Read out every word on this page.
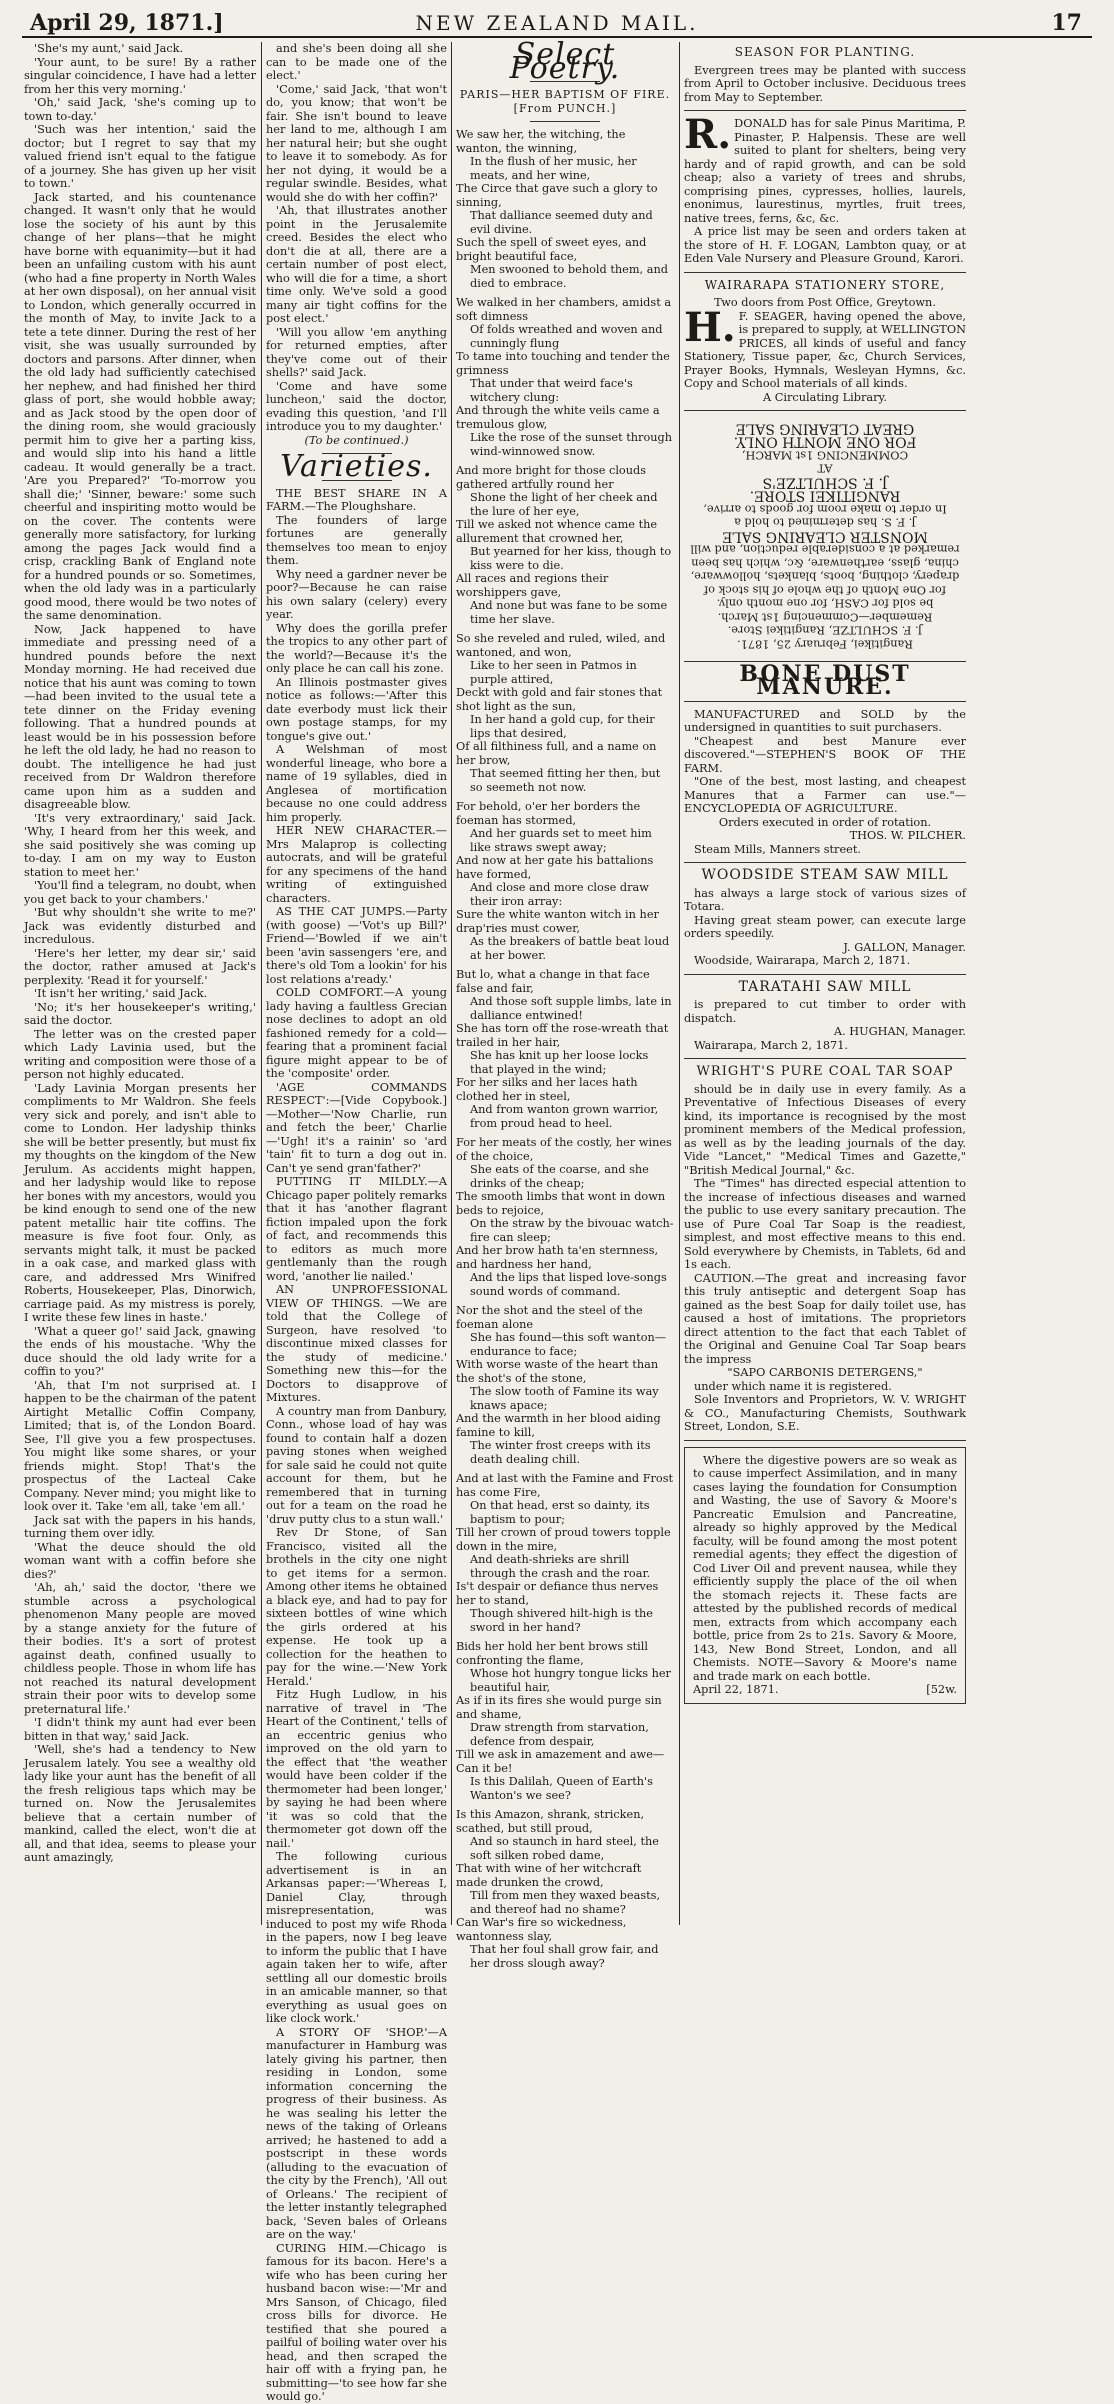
April 29, 1871.]	NEW ZEALAND MAIL.	17

'She's my aunt,' said Jack.

'Your aunt, to be sure! By a rather singular coincidence, I have had a letter from her this very morning.'

'Oh,' said Jack, 'she's coming up to town to-day.'

'Such was her intention,' said the doctor; but I regret to say that my valued friend isn't equal to the fatigue of a journey. She has given up her visit to town.'

Jack started, and his countenance changed. It wasn't only that he would lose the society of his aunt by this change of her plans—that he might have borne with equanimity—but it had been an unfailing custom with his aunt (who had a fine property in North Wales at her own disposal), on her annual visit to London, which generally occurred in the month of May, to invite Jack to a tete a tete dinner. During the rest of her visit, she was usually surrounded by doctors and parsons. After dinner, when the old lady had sufficiently catechised her nephew, and had finished her third glass of port, she would hobble away; and as Jack stood by the open door of the dining room, she would graciously permit him to give her a parting kiss, and would slip into his hand a little cadeau. It would generally be a tract. 'Are you Prepared?' 'To-morrow you shall die;' 'Sinner, beware:' some such cheerful and inspiriting motto would be on the cover. The contents were generally more satisfactory, for lurking among the pages Jack would find a crisp, crackling Bank of England note for a hundred pounds or so. Sometimes, when the old lady was in a particularly good mood, there would be two notes of the same denomination.

Now, Jack happened to have immediate and pressing need of a hundred pounds before the next Monday morning. He had received due notice that his aunt was coming to town—had been invited to the usual tete a tete dinner on the Friday evening following. That a hundred pounds at least would be in his possession before he left the old lady, he had no reason to doubt. The intelligence he had just received from Dr Waldron therefore came upon him as a sudden and disagreeable blow.

'It's very extraordinary,' said Jack. 'Why, I heard from her this week, and she said positively she was coming up to-day. I am on my way to Euston station to meet her.'

'You'll find a telegram, no doubt, when you get back to your chambers.'

'But why shouldn't she write to me?' Jack was evidently disturbed and incredulous.

'Here's her letter, my dear sir,' said the doctor, rather amused at Jack's perplexity. 'Read it for yourself.'

'It isn't her writing,' said Jack.

'No; it's her housekeeper's writing,' said the doctor.

The letter was on the crested paper which Lady Lavinia used, but the writing and composition were those of a person not highly educated.

'Lady Lavinia Morgan presents her compliments to Mr Waldron. She feels very sick and porely, and isn't able to come to London. Her ladyship thinks she will be better presently, but must fix my thoughts on the kingdom of the New Jerulum. As accidents might happen, and her ladyship would like to repose her bones with my ancestors, would you be kind enough to send one of the new patent metallic hair tite coffins. The measure is five foot four. Only, as servants might talk, it must be packed in a oak case, and marked glass with care, and addressed Mrs Winifred Roberts, Housekeeper, Plas, Dinorwich, carriage paid. As my mistress is porely, I write these few lines in haste.'

'What a queer go!' said Jack, gnawing the ends of his moustache. 'Why the duce should the old lady write for a coffin to you?'

'Ah, that I'm not surprised at. I happen to be the chairman of the patent Airtight Metallic Coffin Company, Limited; that is, of the London Board. See, I'll give you a few prospectuses. You might like some shares, or your friends might. Stop! That's the prospectus of the Lacteal Cake Company. Never mind; you might like to look over it. Take 'em all, take 'em all.'

Jack sat with the papers in his hands, turning them over idly.

'What the deuce should the old woman want with a coffin before she dies?'

'Ah, ah,' said the doctor, 'there we stumble across a psychological phenomenon Many people are moved by a stange anxiety for the future of their bodies. It's a sort of protest against death, confined usually to childless people. Those in whom life has not reached its natural development strain their poor wits to develop some preternatural life.'

'I didn't think my aunt had ever been bitten in that way,' said Jack.

'Well, she's had a tendency to New Jerusalem lately. You see a wealthy old lady like your aunt has the benefit of all the fresh religious taps which may be turned on. Now the Jerusalemites believe that a certain number of mankind, called the elect, won't die at all, and that idea, seems to please your aunt amazingly,

and she's been doing all she can to be made one of the elect.'

'Come,' said Jack, 'that won't do, you know; that won't be fair. She isn't bound to leave her land to me, although I am her natural heir; but she ought to leave it to somebody. As for her not dying, it would be a regular swindle. Besides, what would she do with her coffin?'

'Ah, that illustrates another point in the Jerusalemite creed. Besides the elect who don't die at all, there are a certain number of post elect, who will die for a time, a short time only. We've sold a good many air tight coffins for the post elect.'

'Will you allow 'em anything for returned empties, after they've come out of their shells?' said Jack.

'Come and have some luncheon,' said the doctor, evading this question, 'and I'll introduce you to my daughter.'

(To be continued.)

Varieties.

THE BEST SHARE IN A FARM.—The Ploughshare.

The founders of large fortunes are generally themselves too mean to enjoy them.

Why need a gardner never be poor?—Because he can raise his own salary (celery) every year.

Why does the gorilla prefer the tropics to any other part of the world?—Because it's the only place he can call his zone.

An Illinois postmaster gives notice as follows:—'After this date everbody must lick their own postage stamps, for my tongue's give out.'

A Welshman of most wonderful lineage, who bore a name of 19 syllables, died in Anglesea of mortification because no one could address him properly.

HER NEW CHARACTER.—Mrs Malaprop is collecting autocrats, and will be grateful for any specimens of the hand writing of extinguished characters.

AS THE CAT JUMPS.—Party (with goose) —'Vot's up Bill?' Friend—'Bowled if we ain't been 'avin sassengers 'ere, and there's old Tom a lookin' for his lost relations a'ready.'

COLD COMFORT.—A young lady having a faultless Grecian nose declines to adopt an old fashioned remedy for a cold—fearing that a prominent facial figure might appear to be of the 'composite' order.

'AGE COMMANDS RESPECT':—[Vide Copybook.] —Mother—'Now Charlie, run and fetch the beer,' Charlie—'Ugh! it's a rainin' so 'ard 'tain' fit to turn a dog out in. Can't ye send gran'father?'

PUTTING IT MILDLY.—A Chicago paper politely remarks that it has 'another flagrant fiction impaled upon the fork of fact, and recommends this to editors as much more gentlemanly than the rough word, 'another lie nailed.'

AN UNPROFESSIONAL VIEW OF THINGS. —We are told that the College of Surgeon, have resolved 'to discontinue mixed classes for the study of medicine.' Something new this—for the Doctors to disapprove of Mixtures.

A country man from Danbury, Conn., whose load of hay was found to contain half a dozen paving stones when weighed for sale said he could not quite account for them, but he remembered that in turning out for a team on the road he 'druv putty clus to a stun wall.'

Rev Dr Stone, of San Francisco, visited all the brothels in the city one night to get items for a sermon. Among other items he obtained a black eye, and had to pay for sixteen bottles of wine which the girls ordered at his expense. He took up a collection for the heathen to pay for the wine.—'New York Herald.'

Fitz Hugh Ludlow, in his narrative of travel in 'The Heart of the Continent,' tells of an eccentric genius who improved on the old yarn to the effect that 'the weather would have been colder if the thermometer had been longer,' by saying he had been where 'it was so cold that the thermometer got down off the nail.'

The following curious advertisement is in an Arkansas paper:—'Whereas I, Daniel Clay, through misrepresentation, was induced to post my wife Rhoda in the papers, now I beg leave to inform the public that I have again taken her to wife, after settling all our domestic broils in an amicable manner, so that everything as usual goes on like clock work.'

A STORY OF 'SHOP.'—A manufacturer in Hamburg was lately giving his partner, then residing in London, some information concerning the progress of their business. As he was sealing his letter the news of the taking of Orleans arrived; he hastened to add a postscript in these words (alluding to the evacuation of the city by the French), 'All out of Orleans.' The recipient of the letter instantly telegraphed back, 'Seven bales of Orleans are on the way.'

CURING HIM.—Chicago is famous for its bacon. Here's a wife who has been curing her husband bacon wise:—'Mr and Mrs Sanson, of Chicago, filed cross bills for divorce. He testified that she poured a pailful of boiling water over his head, and then scraped the hair off with a frying pan, he submitting—'to see how far she would go.'

Select Poetry.
PARIS—HER BAPTISM OF FIRE.
[From PUNCH.]

We saw her, the witching, the wanton, the winning,

In the flush of her music, her meats, and her wine,

The Circe that gave such a glory to sinning,

That dalliance seemed duty and evil divine.

Such the spell of sweet eyes, and bright beautiful face,

Men swooned to behold them, and died to embrace.

We walked in her chambers, amidst a soft dimness

Of folds wreathed and woven and cunningly flung

To tame into touching and tender the grimness

That under that weird face's witchery clung:

And through the white veils came a tremulous glow,

Like the rose of the sunset through wind-winnowed snow.

And more bright for those clouds gathered artfully round her

Shone the light of her cheek and the lure of her eye,

Till we asked not whence came the allurement that crowned her,

But yearned for her kiss, though to kiss were to die.

All races and regions their worshippers gave,

And none but was fane to be some time her slave.

So she reveled and ruled, wiled, and wantoned, and won,

Like to her seen in Patmos in purple attired,

Deckt with gold and fair stones that shot light as the sun,

In her hand a gold cup, for their lips that desired,

Of all filthiness full, and a name on her brow,

That seemed fitting her then, but so seemeth not now.

For behold, o'er her borders the foeman has stormed,

And her guards set to meet him like straws swept away;

And now at her gate his battalions have formed,

And close and more close draw their iron array:

Sure the white wanton witch in her drap'ries must cower,

As the breakers of battle beat loud at her bower.

But lo, what a change in that face false and fair,

And those soft supple limbs, late in dalliance entwined!

She has torn off the rose-wreath that trailed in her hair,

She has knit up her loose locks that played in the wind;

For her silks and her laces hath clothed her in steel,

And from wanton grown warrior, from proud head to heel.

For her meats of the costly, her wines of the choice,

She eats of the coarse, and she drinks of the cheap;

The smooth limbs that wont in down beds to rejoice,

On the straw by the bivouac watch-fire can sleep;

And her brow hath ta'en sternness, and hardness her hand,

And the lips that lisped love-songs sound words of command.

Nor the shot and the steel of the foeman alone

She has found—this soft wanton—endurance to face;

With worse waste of the heart than the shot's of the stone,

The slow tooth of Famine its way knaws apace;

And the warmth in her blood aiding famine to kill,

The winter frost creeps with its death dealing chill.

And at last with the Famine and Frost has come Fire,

On that head, erst so dainty, its baptism to pour;

Till her crown of proud towers topple down in the mire,

And death-shrieks are shrill through the crash and the roar.

Is't despair or defiance thus nerves her to stand,

Though shivered hilt-high is the sword in her hand?

Bids her hold her bent brows still confronting the flame,

Whose hot hungry tongue licks her beautiful hair,

As if in its fires she would purge sin and shame,

Draw strength from starvation, defence from despair,

Till we ask in amazement and awe—Can it be!

Is this Dalilah, Queen of Earth's Wanton's we see?

Is this Amazon, shrank, stricken, scathed, but still proud,

And so staunch in hard steel, the soft silken robed dame,

That with wine of her witchcraft made drunken the crowd,

Till from men they waxed beasts, and thereof had no shame?

Can War's fire so wickedness, wantonness slay,

That her foul shall grow fair, and her dross slough away?

SEASON FOR PLANTING.

Evergreen trees may be planted with success from April to October inclusive. Deciduous trees from May to September.

R. DONALD has for sale Pinus Maritima, P. Pinaster, P. Halpensis. These are well suited to plant for shelters, being very hardy and of rapid growth, and can be sold cheap; also a variety of trees and shrubs, comprising pines, cypresses, hollies, laurels, enonimus, laurestinus, myrtles, fruit trees, native trees, ferns, &c, &c.

A price list may be seen and orders taken at the store of H. F. LOGAN, Lambton quay, or at Eden Vale Nursery and Pleasure Ground, Karori.

WAIRARAPA STATIONERY STORE,

Two doors from Post Office, Greytown.

H. F. SEAGER, having opened the above, is prepared to supply, at WELLINGTON PRICES, all kinds of useful and fancy Stationery, Tissue paper, &c, Church Services, Prayer Books, Hymnals, Wesleyan Hymns, &c. Copy and School materials of all kinds.

A Circulating Library.

Rangitikei, February 25, 1871.

J. F. SCHULTZE, Rangitikei Store.

Remember—Commencing 1st March.

be sold for CASH, for one month only.

for One Month of the whole of his stock of drapery, clothing, boots, blankets, hollowware, china, glass, earthenware, &c, which has been remarked at a considerable reduction, and will

MONSTER CLEARING SALE

J. F. S. has determined to hold a

In order to make room for goods to arrive,

RANGITIKEI STORE.

J. F. SCHULTZE'S

AT

COMMENCING 1st MARCH,

FOR ONE MONTH ONLY.

GREAT CLEARING SALE

BONE DUST MANURE.

MANUFACTURED and SOLD by the undersigned in quantities to suit purchasers.

"Cheapest and best Manure ever discovered."—STEPHEN'S BOOK OF THE FARM.

"One of the best, most lasting, and cheapest Manures that a Farmer can use."—ENCYCLOPEDIA OF AGRICULTURE.

Orders executed in order of rotation.

THOS. W. PILCHER.

Steam Mills, Manners street.

WOODSIDE STEAM SAW MILL

has always a large stock of various sizes of Totara.

Having great steam power, can execute large orders speedily.

J. GALLON, Manager.

Woodside, Wairarapa, March 2, 1871.

TARATAHI SAW MILL

is prepared to cut timber to order with dispatch.

A. HUGHAN, Manager.

Wairarapa, March 2, 1871.

WRIGHT'S PURE COAL TAR SOAP

should be in daily use in every family. As a Preventative of Infectious Diseases of every kind, its importance is recognised by the most prominent members of the Medical profession, as well as by the leading journals of the day. Vide "Lancet," "Medical Times and Gazette," "British Medical Journal," &c.

The "Times" has directed especial attention to the increase of infectious diseases and warned the public to use every sanitary precaution. The use of Pure Coal Tar Soap is the readiest, simplest, and most effective means to this end. Sold everywhere by Chemists, in Tablets, 6d and 1s each.

CAUTION.—The great and increasing favor this truly antiseptic and detergent Soap has gained as the best Soap for daily toilet use, has caused a host of imitations. The proprietors direct attention to the fact that each Tablet of the Original and Genuine Coal Tar Soap bears the impress

"SAPO CARBONIS DETERGENS,"

under which name it is registered.

Sole Inventors and Proprietors, W. V. WRIGHT & CO., Manufacturing Chemists, Southwark Street, London, S.E.

Where the digestive powers are so weak as to cause imperfect Assimilation, and in many cases laying the foundation for Consumption and Wasting, the use of Savory & Moore's Pancreatic Emulsion and Pancreatine, already so highly approved by the Medical faculty, will be found among the most potent remedial agents; they effect the digestion of Cod Liver Oil and prevent nausea, while they efficiently supply the place of the oil when the stomach rejects it. These facts are attested by the published records of medical men, extracts from which accompany each bottle, price from 2s to 21s. Savory & Moore, 143, New Bond Street, London, and all Chemists. NOTE—Savory & Moore's name and trade mark on each bottle.

April 22, 1871.	[52w.
